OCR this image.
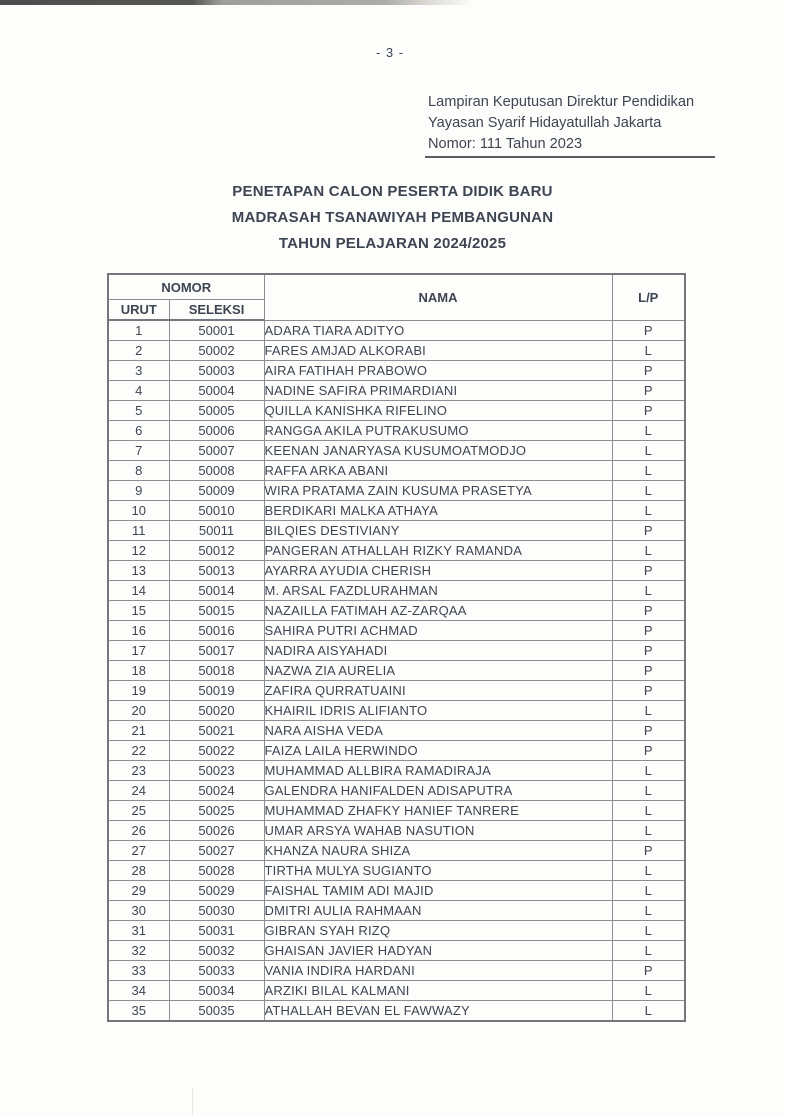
- 3 -
Lampiran Keputusan Direktur Pendidikan
Yayasan Syarif Hidayatullah Jakarta
Nomor: 111 Tahun 2023
PENETAPAN CALON PESERTA DIDIK BARU
MADRASAH TSANAWIYAH PEMBANGUNAN
TAHUN PELAJARAN 2024/2025
NOMOR		NAMA	L/P
URUT	SELEKSI		
1	50001	ADARA TIARA ADITYO	P
2	50002	FARES AMJAD ALKORABI	L
3	50003	AIRA FATIHAH PRABOWO	P
4	50004	NADINE SAFIRA PRIMARDIANI	P
5	50005	QUILLA KANISHKA RIFELINO	P
6	50006	RANGGA AKILA PUTRAKUSUMO	L
7	50007	KEENAN JANARYASA KUSUMOATMODJO	L
8	50008	RAFFA ARKA ABANI	L
9	50009	WIRA PRATAMA ZAIN KUSUMA PRASETYA	L
10	50010	BERDIKARI MALKA ATHAYA	L
11	50011	BILQIES DESTIVIANY	P
12	50012	PANGERAN ATHALLAH RIZKY RAMANDA	L
13	50013	AYARRA AYUDIA CHERISH	P
14	50014	M. ARSAL FAZDLURAHMAN	L
15	50015	NAZAILLA FATIMAH AZ-ZARQAA	P
16	50016	SAHIRA PUTRI ACHMAD	P
17	50017	NADIRA AISYAHADI	P
18	50018	NAZWA ZIA AURELIA	P
19	50019	ZAFIRA QURRATUAINI	P
20	50020	KHAIRIL IDRIS ALIFIANTO	L
21	50021	NARA AISHA VEDA	P
22	50022	FAIZA LAILA HERWINDO	P
23	50023	MUHAMMAD ALLBIRA RAMADIRAJA	L
24	50024	GALENDRA HANIFALDEN ADISAPUTRA	L
25	50025	MUHAMMAD ZHAFKY HANIEF TANRERE	L
26	50026	UMAR ARSYA WAHAB NASUTION	L
27	50027	KHANZA NAURA SHIZA	P
28	50028	TIRTHA MULYA SUGIANTO	L
29	50029	FAISHAL TAMIM ADI MAJID	L
30	50030	DMITRI AULIA RAHMAAN	L
31	50031	GIBRAN SYAH RIZQ	L
32	50032	GHAISAN JAVIER HADYAN	L
33	50033	VANIA INDIRA HARDANI	P
34	50034	ARZIKI BILAL KALMANI	L
35	50035	ATHALLAH BEVAN EL FAWWAZY	L
